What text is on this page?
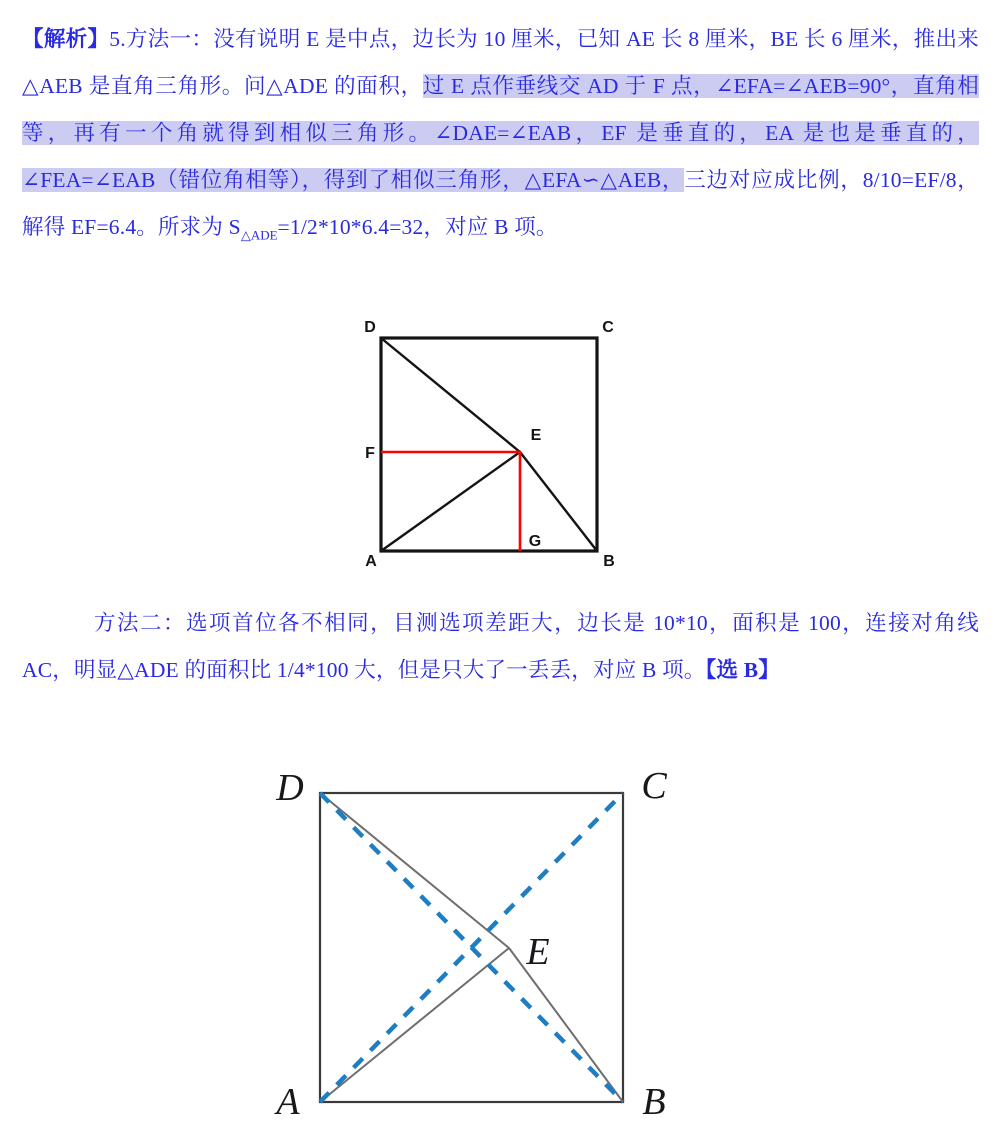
【解析】5.方法一：没有说明 E 是中点，边长为 10 厘米，已知 AE 长 8 厘米，BE 长 6 厘米，推出来△AEB 是直角三角形。问△ADE 的面积，过 E 点作垂线交 AD 于 F 点，∠EFA=∠AEB=90°，直角相等，再有一个角就得到相似三角形。∠DAE=∠EAB，EF 是垂直的，EA 是也是垂直的，∠FEA=∠EAB（错位角相等），得到了相似三角形，△EFA∽△AEB，三边对应成比例，8/10=EF/8，解得 EF=6.4。所求为 $S_{\triangle ADE}=1/2*10*6.4=32$，对应 B 项。

D	C
F
E
G
A	B

方法二：选项首位各不相同，目测选项差距大，边长是 10*10，面积是 100，连接对角线 AC，明显△ADE 的面积比 1/4*100 大，但是只大了一丢丢，对应 B 项。【选 B】

D	C
E
A	B
